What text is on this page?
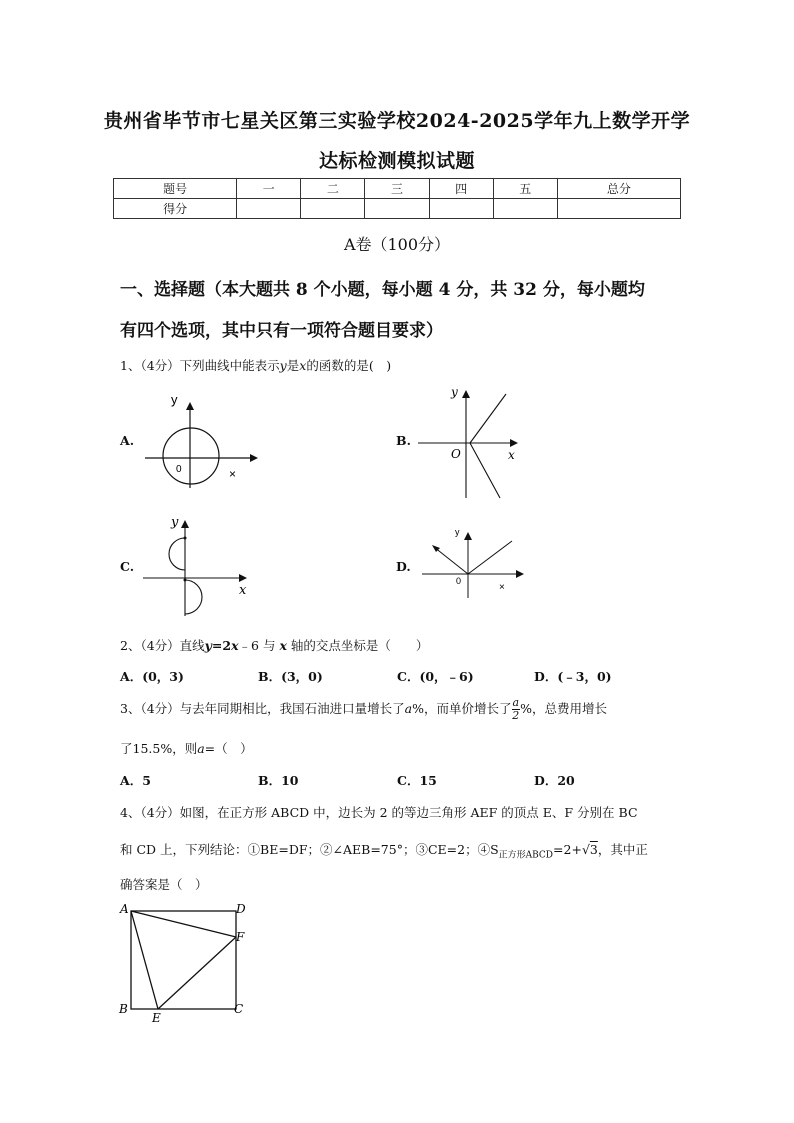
贵州省毕节市七星关区第三实验学校2024-2025学年九上数学开学
达标检测模拟试题
题号	一	二	三	四	五	总分
得分						
A卷（100分）
一、选择题（本大题共 8 个小题，每小题 4 分，共 32 分，每小题均
有四个选项，其中只有一项符合题目要求）
1、（4分）下列曲线中能表示y是x的函数的是(　)
A.
y
0	×
B.
y
O	x
C.
y
x
D.
y
0
×
2、（4分）直线y=2x﹣6 与 x 轴的交点坐标是（　　）
A．(0，3)	B．(3，0)	C．(0，﹣6)	D．(﹣3，0)
3、（4分）与去年同期相比，我国石油进口量增长了a%，而单价增长了 $\frac{a}{2}$ %，总费用增长
了15.5%，则a=（　）
A．5	B．10	C．15	D．20
4、（4分）如图，在正方形 ABCD 中，边长为 2 的等边三角形 AEF 的顶点 E、F 分别在 BC
和 CD 上，下列结论：①BE=DF；②∠AEB=75°；③CE=2；$④S_{正方形ABCD}=2+√3$，其中正
确答案是（　）
A	D
F
B
E
C
